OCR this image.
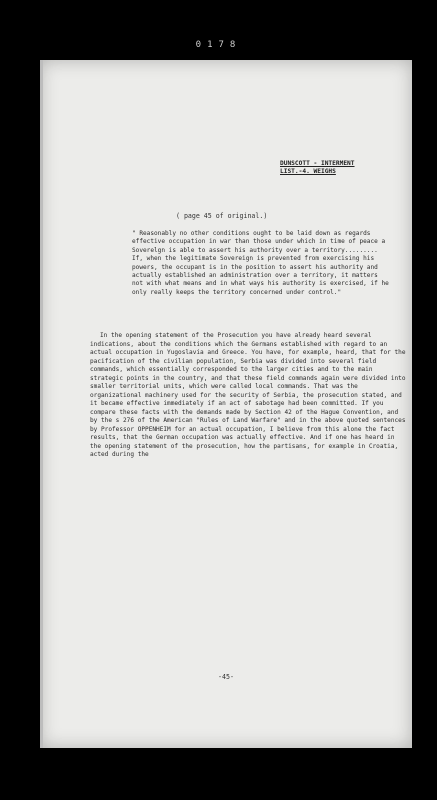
0178
DUNSCOTT - INTERMENT
LIST.-4. WEIGHS
( page 45 of original.)

" Reasonably no other conditions ought to be laid down as regards effective occupation in war than those under which in time of peace a Soverelgn is able to assert his authority over a territory......... If, when the legitimate Sovereign is prevented from exercising his powers, the occupant is in the position to assert his authority and actually established an administration over a territory, it matters not with what means and in what ways his authority is exercised, if he only really keeps the territory concerned under control."

In the opening statement of the Prosecution you have already heard several indications, about the conditions which the Germans established with regard to an actual occupation in Yugoslavia and Greece. You have, for example, heard, that for the pacification of the civilian population, Serbia was divided into several field commands, which essentially corresponded to the larger cities and to the main strategic points in the country, and that these field commands again were divided into smaller territorial units, which were called local commands. That was the organizational machinery used for the security of Serbia, the prosecution stated, and it became effective immediately if an act of sabotage had been committed. If you compare these facts with the demands made by Section 42 of the Hague Convention, and by the s 276 of the American "Rules of Land Warfare" and in the above quoted sentences by Professor OPPENHEIM for an actual occupation, I believe from this alone the fact results, that the German occupation was actually effective. And if one has heard in the opening statement of the prosecution, how the partisans, for example in Croatia, acted during the

-45-
